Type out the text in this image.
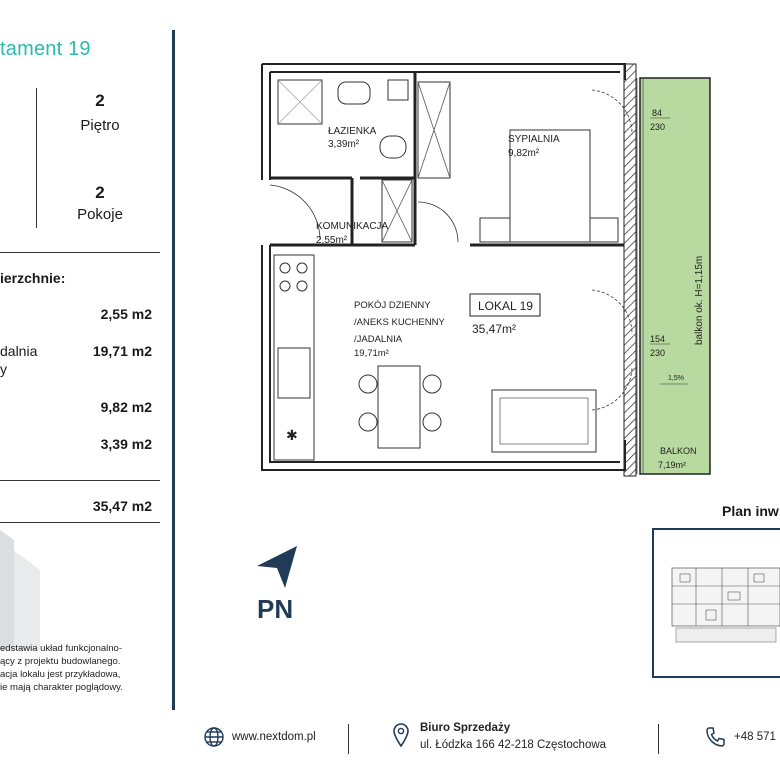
tament 19
2
Piętro
2
Pokoje
ierzchnie:
2,55 m2
dalnia
y
19,71 m2
9,82 m2
3,39 m2
35,47 m2
edstawia układ funkcjonalno-
ący z projektu budowlanego.
acja lokalu jest przykładowa,
ie mają charakter poglądowy.
✱
ŁAZIENKA
3,39m²	SYPIALNIA
9,82m²
KOMUNIKACJA
2,55m²
POKÓJ DZIENNY
/ANEKS KUCHENNY
/JADALNIA
19,71m²
LOKAL 19
35,47m²
84
230
154
230
balkon ok. H=1,15m
1,5%
BALKON
7,19m²
PN
Plan inw
www.nextdom.pl
Biuro Sprzedaży
ul. Łódzka 166 42-218 Częstochowa
+48 571
